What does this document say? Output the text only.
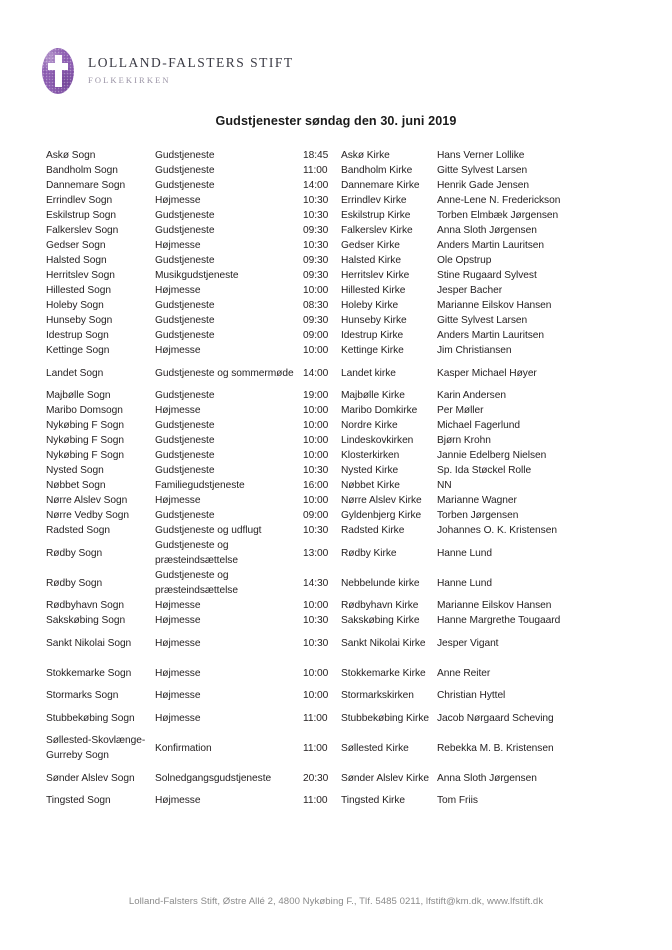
LOLLAND-FALSTERS STIFT
FOLKEKIRKEN
Gudstjenester søndag den 30. juni 2019
Askø Sogn	Gudstjeneste	18:45	Askø Kirke	Hans Verner Lollike
Bandholm Sogn	Gudstjeneste	11:00	Bandholm Kirke	Gitte Sylvest Larsen
Dannemare Sogn	Gudstjeneste	14:00	Dannemare Kirke	Henrik Gade Jensen
Errindlev Sogn	Højmesse	10:30	Errindlev Kirke	Anne-Lene N. Frederickson
Eskilstrup Sogn	Gudstjeneste	10:30	Eskilstrup Kirke	Torben Elmbæk Jørgensen
Falkerslev Sogn	Gudstjeneste	09:30	Falkerslev Kirke	Anna Sloth Jørgensen
Gedser Sogn	Højmesse	10:30	Gedser Kirke	Anders Martin Lauritsen
Halsted Sogn	Gudstjeneste	09:30	Halsted Kirke	Ole Opstrup
Herritslev Sogn	Musikgudstjeneste	09:30	Herritslev Kirke	Stine Rugaard Sylvest
Hillested Sogn	Højmesse	10:00	Hillested Kirke	Jesper Bacher
Holeby Sogn	Gudstjeneste	08:30	Holeby Kirke	Marianne Eilskov Hansen
Hunseby Sogn	Gudstjeneste	09:30	Hunseby Kirke	Gitte Sylvest Larsen
Idestrup Sogn	Gudstjeneste	09:00	Idestrup Kirke	Anders Martin Lauritsen
Kettinge Sogn	Højmesse	10:00	Kettinge Kirke	Jim Christiansen
Landet Sogn	Gudstjeneste og sommermøde	14:00	Landet kirke	Kasper Michael Høyer
Majbølle Sogn	Gudstjeneste	19:00	Majbølle Kirke	Karin Andersen
Maribo Domsogn	Højmesse	10:00	Maribo Domkirke	Per Møller
Nykøbing F Sogn	Gudstjeneste	10:00	Nordre Kirke	Michael Fagerlund
Nykøbing F Sogn	Gudstjeneste	10:00	Lindeskovkirken	Bjørn Krohn
Nykøbing F Sogn	Gudstjeneste	10:00	Klosterkirken	Jannie Edelberg Nielsen
Nysted Sogn	Gudstjeneste	10:30	Nysted Kirke	Sp. Ida Støckel Rolle
Nøbbet Sogn	Familiegudstjeneste	16:00	Nøbbet Kirke	NN
Nørre Alslev Sogn	Højmesse	10:00	Nørre Alslev Kirke	Marianne Wagner
Nørre Vedby Sogn	Gudstjeneste	09:00	Gyldenbjerg Kirke	Torben Jørgensen
Radsted Sogn	Gudstjeneste og udflugt	10:30	Radsted Kirke	Johannes O. K. Kristensen
Rødby Sogn	Gudstjeneste og præsteindsættelse	13:00	Rødby Kirke	Hanne Lund
Rødby Sogn	Gudstjeneste og præsteindsættelse	14:30	Nebbelunde kirke	Hanne Lund
Rødbyhavn Sogn	Højmesse	10:00	Rødbyhavn Kirke	Marianne Eilskov Hansen
Sakskøbing Sogn	Højmesse	10:30	Sakskøbing Kirke	Hanne Margrethe Tougaard
Sankt Nikolai Sogn	Højmesse	10:30	Sankt Nikolai Kirke	Jesper Vigant
Stokkemarke Sogn	Højmesse	10:00	Stokkemarke Kirke	Anne Reiter
Stormarks Sogn	Højmesse	10:00	Stormarkskirken	Christian Hyttel
Stubbekøbing Sogn	Højmesse	11:00	Stubbekøbing Kirke	Jacob Nørgaard Scheving
Søllested-Skovlænge-Gurreby Sogn	Konfirmation	11:00	Søllested Kirke	Rebekka M. B. Kristensen
Sønder Alslev Sogn	Solnedgangsgudstjeneste	20:30	Sønder Alslev Kirke	Anna Sloth Jørgensen
Tingsted Sogn	Højmesse	11:00	Tingsted Kirke	Tom Friis
Lolland-Falsters Stift, Østre Allé 2, 4800 Nykøbing F., Tlf. 5485 0211, lfstift@km.dk, www.lfstift.dk
